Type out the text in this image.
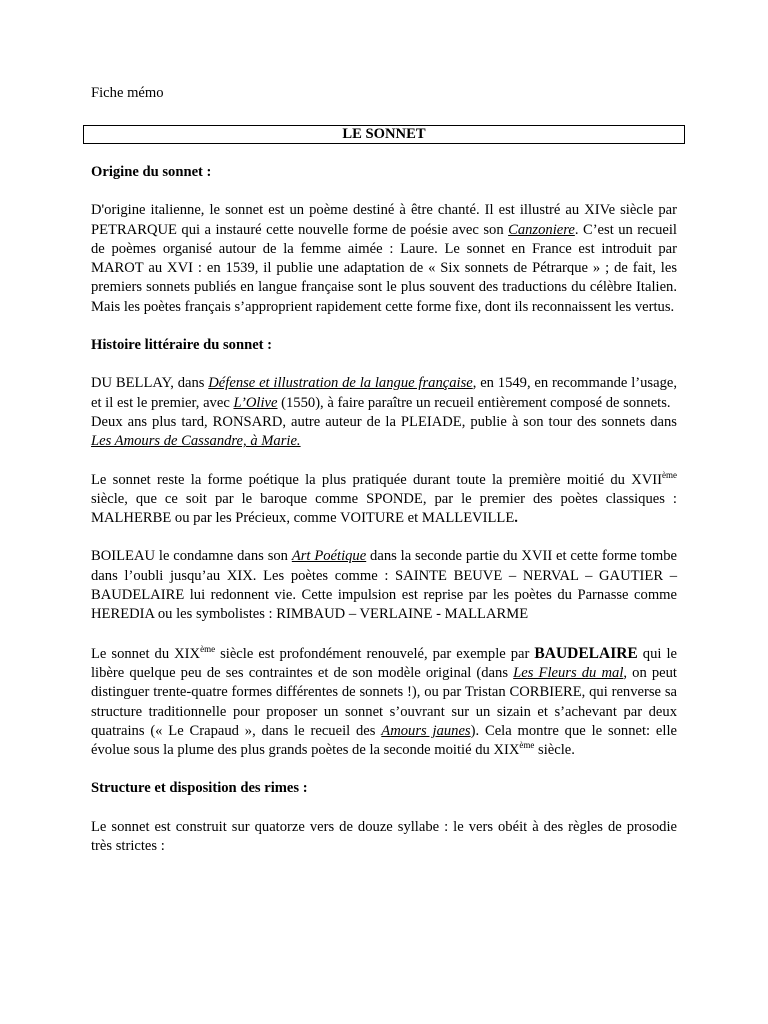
Fiche mémo

LE SONNET
Origine du sonnet :

D'origine italienne, le sonnet est un poème destiné à être chanté. Il est illustré au XIVe siècle par PETRARQUE qui a instauré cette nouvelle forme de poésie avec son Canzoniere. C’est un recueil de poèmes organisé autour de la femme aimée : Laure. Le sonnet en France est introduit par MAROT au XVI : en 1539, il publie une adaptation de « Six sonnets de Pétrarque » ; de fait, les premiers sonnets publiés en langue française sont le plus souvent des traductions du célèbre Italien. Mais les poètes français s’approprient rapidement cette forme fixe, dont ils reconnaissent les vertus.

Histoire littéraire du sonnet :

DU BELLAY, dans Défense et illustration de la langue française, en 1549, en recommande l’usage, et il est le premier, avec L’Olive (1550), à faire paraître un recueil entièrement composé de sonnets.

Deux ans plus tard, RONSARD, autre auteur de la PLEIADE, publie à son tour des sonnets dans Les Amours de Cassandre, à Marie.

Le sonnet reste la forme poétique la plus pratiquée durant toute la première moitié du XVIIème siècle, que ce soit par le baroque comme SPONDE, par le premier des poètes classiques : MALHERBE ou par les Précieux, comme VOITURE et MALLEVILLE.

BOILEAU le condamne dans son Art Poétique dans la seconde partie du XVII et cette forme tombe dans l’oubli jusqu’au XIX. Les poètes comme : SAINTE BEUVE – NERVAL – GAUTIER – BAUDELAIRE lui redonnent vie. Cette impulsion est reprise par les poètes du Parnasse comme HEREDIA ou les symbolistes : RIMBAUD – VERLAINE - MALLARME

Le sonnet du XIXème siècle est profondément renouvelé, par exemple par BAUDELAIRE qui le libère quelque peu de ses contraintes et de son modèle original (dans Les Fleurs du mal, on peut distinguer trente-quatre formes différentes de sonnets !), ou par Tristan CORBIERE, qui renverse sa structure traditionnelle pour proposer un sonnet s’ouvrant sur un sizain et s’achevant par deux quatrains (« Le Crapaud », dans le recueil des Amours jaunes). Cela montre que le sonnet: elle évolue sous la plume des plus grands poètes de la seconde moitié du XIXème siècle.

Structure et disposition des rimes :

Le sonnet est construit sur quatorze vers de douze syllabe : le vers obéit à des règles de prosodie très strictes :
